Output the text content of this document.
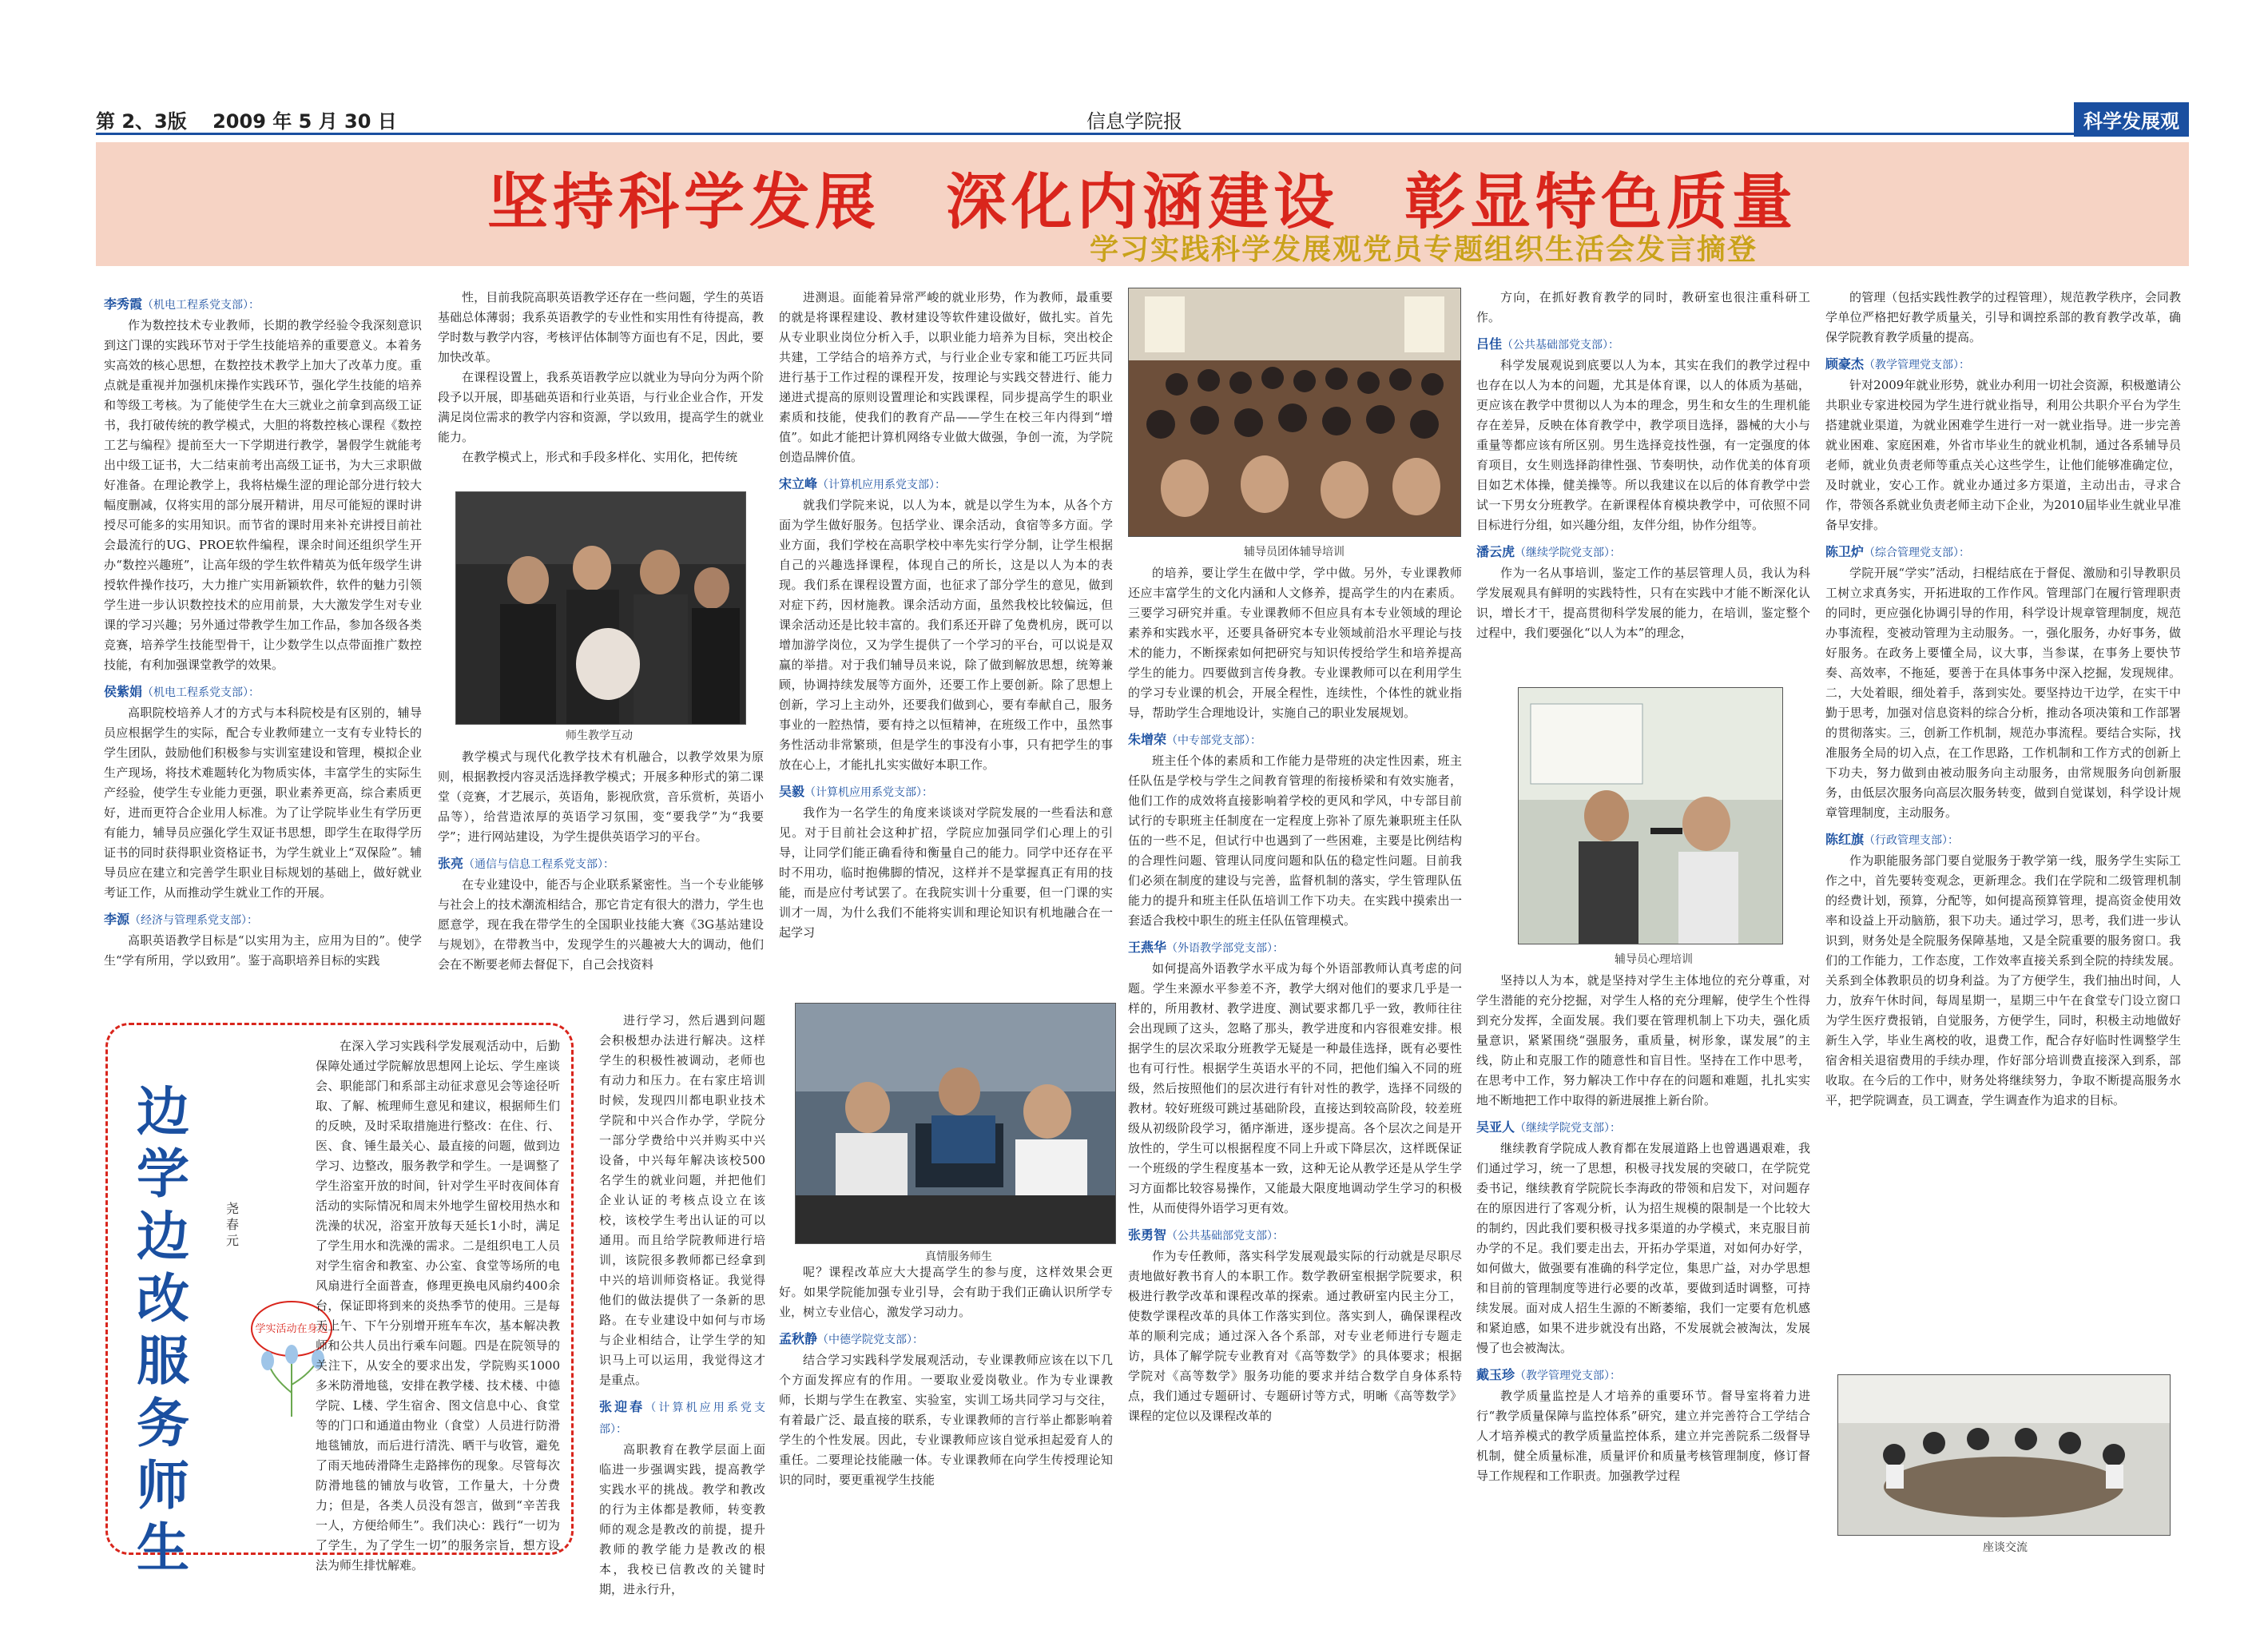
第 2、3版　 2009 年 5 月 30 日	信息学院报	科学发展观
坚持科学发展　深化内涵建设　彰显特色质量
学习实践科学发展观党员专题组织生活会发言摘登
李秀霞（机电工程系党支部）：

作为数控技术专业教师，长期的教学经验令我深刻意识到这门课的实践环节对于学生技能培养的重要意义。本着务实高效的核心思想，在数控技术教学上加大了改革力度。重点就是重视并加强机床操作实践环节，强化学生技能的培养和等级工考核。为了能使学生在大三就业之前拿到高级工证书，我打破传统的教学模式，大胆的将数控核心课程《数控工艺与编程》提前至大一下学期进行教学，暑假学生就能考出中级工证书，大二结束前考出高级工证书，为大三求职做好准备。在理论教学上，我将枯燥生涩的理论部分进行较大幅度删减，仅将实用的部分展开精讲，用尽可能短的课时讲授尽可能多的实用知识。而节省的课时用来补充讲授目前社会最流行的UG、PROE软件编程，课余时间还组织学生开办“数控兴趣班”，让高年级的学生软件精英为低年级学生讲授软件操作技巧，大力推广实用新颖软件，软件的魅力引领学生进一步认识数控技术的应用前景，大大激发学生对专业课的学习兴趣；另外通过带教学生加工作品，参加各级各类竞赛，培养学生技能型骨干，让少数学生以点带面推广数控技能，有利加强课堂教学的效果。

侯紫娟（机电工程系党支部）：

高职院校培养人才的方式与本科院校是有区别的，辅导员应根据学生的实际，配合专业教师建立一支有专业特长的学生团队，鼓励他们积极参与实训室建设和管理，模拟企业生产现场，将技术难题转化为物质实体，丰富学生的实际生产经验，使学生专业能力更强，职业素养更高，综合素质更好，进而更符合企业用人标准。为了让学院毕业生有学历更有能力，辅导员应强化学生双证书思想，即学生在取得学历证书的同时获得职业资格证书，为学生就业上“双保险”。辅导员应在建立和完善学生职业目标规划的基础上，做好就业考证工作，从而推动学生就业工作的开展。

李源（经济与管理系党支部）：

高职英语教学目标是“以实用为主，应用为目的”。使学生“学有所用，学以致用”。鉴于高职培养目标的实践

性，目前我院高职英语教学还存在一些问题，学生的英语基础总体薄弱；我系英语教学的专业性和实用性有待提高，教学时数与教学内容，考核评估体制等方面也有不足，因此，要加快改革。

在课程设置上，我系英语教学应以就业为导向分为两个阶段予以开展，即基础英语和行业英语，与行业企业合作，开发满足岗位需求的教学内容和资源，学以致用，提高学生的就业能力。

在教学模式上，形式和手段多样化、实用化，把传统

师生教学互动

教学模式与现代化教学技术有机融合，以教学效果为原则，根据教授内容灵活选择教学模式；开展多种形式的第二课堂（竞赛，才艺展示，英语角，影视欣赏，音乐赏析，英语小品等），给营造浓厚的英语学习氛围，变“要我学”为“我要学”；进行网站建设，为学生提供英语学习的平台。

张亮（通信与信息工程系党支部）：

在专业建设中，能否与企业联系紧密性。当一个专业能够与社会上的技术潮流相结合，那它肯定有很大的潜力，学生也愿意学，现在我在带学生的全国职业技能大赛《3G基站建设与规划》，在带教当中，发现学生的兴趣被大大的调动，他们会在不断要老师去督促下，自己会找资料

进行学习，然后遇到问题会积极想办法进行解决。这样学生的积极性被调动，老师也有动力和压力。在右家庄培训时候，发现四川都电职业技术学院和中兴合作办学，学院分一部分学费给中兴并购买中兴设备，中兴每年解决该校500名学生的就业问题，并把他们企业认证的考核点设立在该校，该校学生考出认证的可以通用。而且给学院教师进行培训，该院很多教师都已经拿到中兴的培训师资格证。我觉得他们的做法提供了一条新的思路。在专业建设中如何与市场与企业相结合，让学生学的知识马上可以运用，我觉得这才是重点。

张迎春（计算机应用系党支部）：

高职教育在教学层面上面临进一步强调实践，提高教学实践水平的挑战。教学和教改的行为主体都是教师，转变教师的观念是教改的前提，提升教师的教学能力是教改的根本，我校已信教改的关键时期，进永行升，

边学边改　服务师生
尧春元
学实活动在身边

在深入学习实践科学发展观活动中，后勤保障处通过学院解放思想网上论坛、学生座谈会、职能部门和系部主动征求意见会等途径听取、了解、梳理师生意见和建议，根据师生们的反映，及时采取措施进行整改：在住、行、医、食、锤生最关心、最直接的问题，做到边学习、边整改，服务教学和学生。一是调整了学生浴室开放的时间，针对学生平时夜间体育活动的实际情况和周末外地学生留校用热水和洗澡的状况，浴室开放每天延长1小时，满足了学生用水和洗澡的需求。二是组织电工人员对学生宿舍和教室、办公室、食堂等场所的电风扇进行全面普查，修理更换电风扇约400余台，保证即将到来的炎热季节的使用。三是每天上午、下午分别增开班车车次，基本解决教师和公共人员出行乘车问题。四是在院领导的关注下，从安全的要求出发，学院购买1000多米防滑地毯，安排在教学楼、技术楼、中德学院、L楼、学生宿舍、图文信息中心、食堂等的门口和通道由物业（食堂）人员进行防滑地毯铺放，而后进行清洗、晒干与收管，避免了雨天地砖滑降生走路摔伤的现象。尽管每次防滑地毯的铺放与收管，工作量大，十分费力；但是，各类人员没有怨言，做到“辛苦我一人，方便给师生”。我们决心：践行“一切为了学生，为了学生一切”的服务宗旨，想方设法为师生排忧解难。

进测退。面能着异常严峻的就业形势，作为教师，最重要的就是将课程建设、教材建设等软件建设做好，做扎实。首先从专业职业岗位分析入手，以职业能力培养为目标，突出校企共建，工学结合的培养方式，与行业企业专家和能工巧匠共同进行基于工作过程的课程开发，按理论与实践交替进行、能力递进式提高的原则设置理论和实践课程，同步提高学生的职业素质和技能，使我们的教育产品——学生在校三年内得到“增值”。如此才能把计算机网络专业做大做强，争创一流，为学院创造品牌价值。

宋立峰（计算机应用系党支部）：

就我们学院来说，以人为本，就是以学生为本，从各个方面为学生做好服务。包括学业、课余活动，食宿等多方面。学业方面，我们学校在高职学校中率先实行学分制，让学生根据自己的兴趣选择课程，体现自己的所长，这是以人为本的表现。我们系在课程设置方面，也征求了部分学生的意见，做到对症下药，因材施教。课余活动方面，虽然我校比较偏远，但课余活动还是比较丰富的。我们系还开辟了兔费机房，既可以增加游学岗位，又为学生提供了一个学习的平台，可以说是双赢的举措。对于我们辅导员来说，除了做到解放思想，统筹兼顾，协调持续发展等方面外，还要工作上要创新。除了思想上创新，学习上主动外，还要我们做到心，要有奉献自己，服务事业的一腔热情，要有持之以恒精神，在班级工作中，虽然事务性活动非常繁琐，但是学生的事没有小事，只有把学生的事放在心上，才能扎扎实实做好本职工作。

吴毅（计算机应用系党支部）：

我作为一名学生的角度来谈谈对学院发展的一些看法和意见。对于目前社会这种扩招，学院应加强同学们心理上的引导，让同学们能正确看待和衡量自己的能力。同学中还存在平时不用功，临时抱佛脚的情况，这样并不是掌握真正有用的技能，而是应付考试罢了。在我院实训十分重要，但一门课的实训才一周，为什么我们不能将实训和理论知识有机地融合在一起学习

真情服务师生

呢？课程改革应大大提高学生的参与度，这样效果会更好。如果学院能加强专业引导，会有助于我们正确认识所学专业，树立专业信心，激发学习动力。

孟秋静（中德学院党支部）：

结合学习实践科学发展观活动，专业课教师应该在以下几个方面发挥应有的作用。一要取业爱岗敬业。作为专业课教师，长期与学生在教室、实验室，实训工场共同学习与交往，有着最广泛、最直接的联系，专业课教师的言行举止都影响着学生的个性发展。因此，专业课教师应该自觉承担起爱育人的重任。二要理论技能融一体。专业课教师在向学生传授理论知识的同时，要更重视学生技能

辅导员团体辅导培训

的培养，要让学生在做中学，学中做。另外，专业课教师还应丰富学生的文化内涵和人文修养，提高学生的内在素质。三要学习研究并重。专业课教师不但应具有本专业领域的理论素养和实践水平，还要具备研究本专业领域前沿水平理论与技术的能力，不断探索如何把研究与知识传授给学生和培养提高学生的能力。四要做到言传身教。专业课教师可以在利用学生的学习专业课的机会，开展全程性，连续性，个体性的就业指导，帮助学生合理地设计，实施自己的职业发展规划。

朱增荣（中专部党支部）：

班主任个体的素质和工作能力是带班的决定性因素，班主任队伍是学校与学生之间教育管理的衔接桥梁和有效实施者，他们工作的成效将直接影响着学校的更风和学风，中专部目前试行的专职班主任制度在一定程度上弥补了原先兼职班主任队伍的一些不足，但试行中也遇到了一些困难，主要是比例结构的合理性问题、管理认同度问题和队伍的稳定性问题。目前我们必须在制度的建设与完善，监督机制的落实，学生管理队伍能力的提升和班主任队伍培训工作下功夫。在实践中摸索出一套适合我校中职生的班主任队伍管理模式。

王燕华（外语教学部党支部）：

如何提高外语教学水平成为每个外语部教师认真考虑的问题。学生来源水平参差不齐，教学大纲对他们的要求几乎是一样的，所用教材、教学进度、测试要求都几乎一致，教师往往会出现顾了这头，忽略了那头，教学进度和内容很难安排。根据学生的层次采取分班教学无疑是一种最佳选择，既有必要性也有可行性。根据学生英语水平的不同，把他们编入不同的班级，然后按照他们的层次进行有针对性的教学，选择不同级的教材。较好班级可跳过基础阶段，直接达到较高阶段，较差班级从初级阶段学习，循序渐进，逐步提高。各个层次之间是开放性的，学生可以根据程度不同上升或下降层次，这样既保证一个班级的学生程度基本一致，这种无论从教学还是从学生学习方面都比较容易操作，又能最大限度地调动学生学习的积极性，从而使得外语学习更有效。

张勇智（公共基础部党支部）：

作为专任教师，落实科学发展观最实际的行动就是尽职尽责地做好教书育人的本职工作。数学教研室根据学院要求，积极进行教学改革和课程改革的探索。通过教研室内民主分工，使数学课程改革的具体工作落实到位。落实到人，确保课程改革的顺利完成；通过深入各个系部，对专业老师进行专题走访，具体了解学院专业教育对《高等数学》的具体要求；根据学院对《高等数学》服务功能的要求并结合数学自身体系特点，我们通过专题研讨、专题研讨等方式，明晰《高等数学》课程的定位以及课程改革的

方向，在抓好教育教学的同时，教研室也很注重科研工作。

吕佳（公共基础部党支部）：

科学发展观说到底要以人为本，其实在我们的教学过程中也存在以人为本的问题，尤其是体育课，以人的体质为基础，更应该在教学中贯彻以人为本的理念，男生和女生的生理机能存在差异，反映在体育教学中，教学项目选择，器械的大小与重量等都应该有所区别。男生选择竞技性强，有一定强度的体育项目，女生则选择韵律性强、节奏明快，动作优美的体育项目如艺术体操，健美操等。所以我建议在以后的体育教学中尝试一下男女分班教学。在新课程体育模块教学中，可依照不同目标进行分组，如兴趣分组，友伴分组，协作分组等。

潘云虎（继续学院党支部）：

作为一名从事培训，鉴定工作的基层管理人员，我认为科学发展观具有鲜明的实践特性，只有在实践中才能不断深化认识，增长才干，提高贯彻科学发展的能力，在培训，鉴定整个过程中，我们要强化“以人为本”的理念，

辅导员心理培训

坚持以人为本，就是坚持对学生主体地位的充分尊重，对学生潜能的充分挖掘，对学生人格的充分理解，使学生个性得到充分发挥，全面发展。我们要在管理机制上下功夫，强化质量意识，紧紧围绕“强服务，重质量，树形象，谋发展”的主线，防止和克服工作的随意性和盲目性。坚持在工作中思考，在思考中工作，努力解决工作中存在的问题和难题，扎扎实实地不断地把工作中取得的新进展推上新台阶。

吴亚人（继续学院党支部）：

继续教育学院成人教育都在发展道路上也曾遇遇艰难，我们通过学习，统一了思想，积极寻找发展的突破口，在学院党委书记，继续教育学院院长李海政的带领和启发下，对问题存在的原因进行了客观分析，认为招生规模的限制是一个比较大的制约，因此我们要积极寻找多渠道的办学模式，来克服目前办学的不足。我们要走出去，开拓办学渠道，对如何办好学，如何做大，做强要有准确的科学定位，集思广益，对办学思想和目前的管理制度等进行必要的改革，要做到适时调整，可持续发展。面对成人招生生源的不断萎缩，我们一定要有危机感和紧迫感，如果不进步就没有出路，不发展就会被淘汰，发展慢了也会被淘汰。

戴玉珍（教学管理党支部）：

教学质量监控是人才培养的重要环节。督导室将着力进行“教学质量保障与监控体系”研究，建立并完善符合工学结合人才培养模式的教学质量监控体系，建立并完善院系二级督导机制，健全质量标准，质量评价和质量考核管理制度，修订督导工作规程和工作职责。加强教学过程

的管理（包括实践性教学的过程管理），规范教学秩序，会同教学单位严格把好教学质量关，引导和调控系部的教育教学改革，确保学院教育教学质量的提高。

顾豪杰（教学管理党支部）：

针对2009年就业形势，就业办利用一切社会资源，积极邀请公共职业专家进校园为学生进行就业指导，利用公共职介平台为学生搭建就业渠道，为就业困难学生进行一对一就业指导。进一步完善就业困难、家庭困难，外省市毕业生的就业机制，通过各系辅导员老师，就业负责老师等重点关心这些学生，让他们能够准确定位，及时就业，安心工作。就业办通过多方渠道，主动出击，寻求合作，带领各系就业负责老师主动下企业，为2010届毕业生就业早准备早安排。

陈卫炉（综合管理党支部）：

学院开展“学实”活动，扫棍结底在于督促、激励和引导教职员工树立求真务实，开拓进取的工作作风。管理部门在履行管理职责的同时，更应强化协调引导的作用，科学设计规章管理制度，规范办事流程，变被动管理为主动服务。一，强化服务，办好事务，做好服务。在政务上要懂全局，议大事，当参谋，在事务上要快节奏、高效率，不拖延，要善于在具体事务中深入挖掘，发现规律。二，大处着眼，细处着手，落到实处。要坚持边干边学，在实干中勤于思考，加强对信息资料的综合分析，推动各项决策和工作部署的贯彻落实。三，创新工作机制，规范办事流程。要结合实际，找准服务全局的切入点，在工作思路，工作机制和工作方式的创新上下功夫，努力做到由被动服务向主动服务，由常规服务向创新服务，由低层次服务向高层次服务转变，做到自觉谋划，科学设计规章管理制度，主动服务。

陈红旗（行政管理支部）：

作为职能服务部门要自觉服务于教学第一线，服务学生实际工作之中，首先要转变观念，更新理念。我们在学院和二级管理机制的经费计划，预算，分配等，如何提高预算管理，提高资金使用效率和设益上开动脑筋，狠下功夫。通过学习，思考，我们进一步认识到，财务处是全院服务保障基地，又是全院重要的服务窗口。我们的工作能力，工作态度，工作效率直接关系到全院的持续发展。关系到全体教职员的切身利益。为了方便学生，我们抽出时间，人力，放弃午休时间，每周星期一，星期三中午在食堂专门设立窗口为学生医疗费报销，自觉服务，方便学生，同时，积极主动地做好新生入学，毕业生离校的收，退费工作，配合存好临时性调整学生宿舍相关退宿费用的手续办理，作好部分培训费直接深入到系，部收取。在今后的工作中，财务处将继续努力，争取不断提高服务水平，把学院调查，员工调查，学生调查作为追求的目标。

座谈交流
